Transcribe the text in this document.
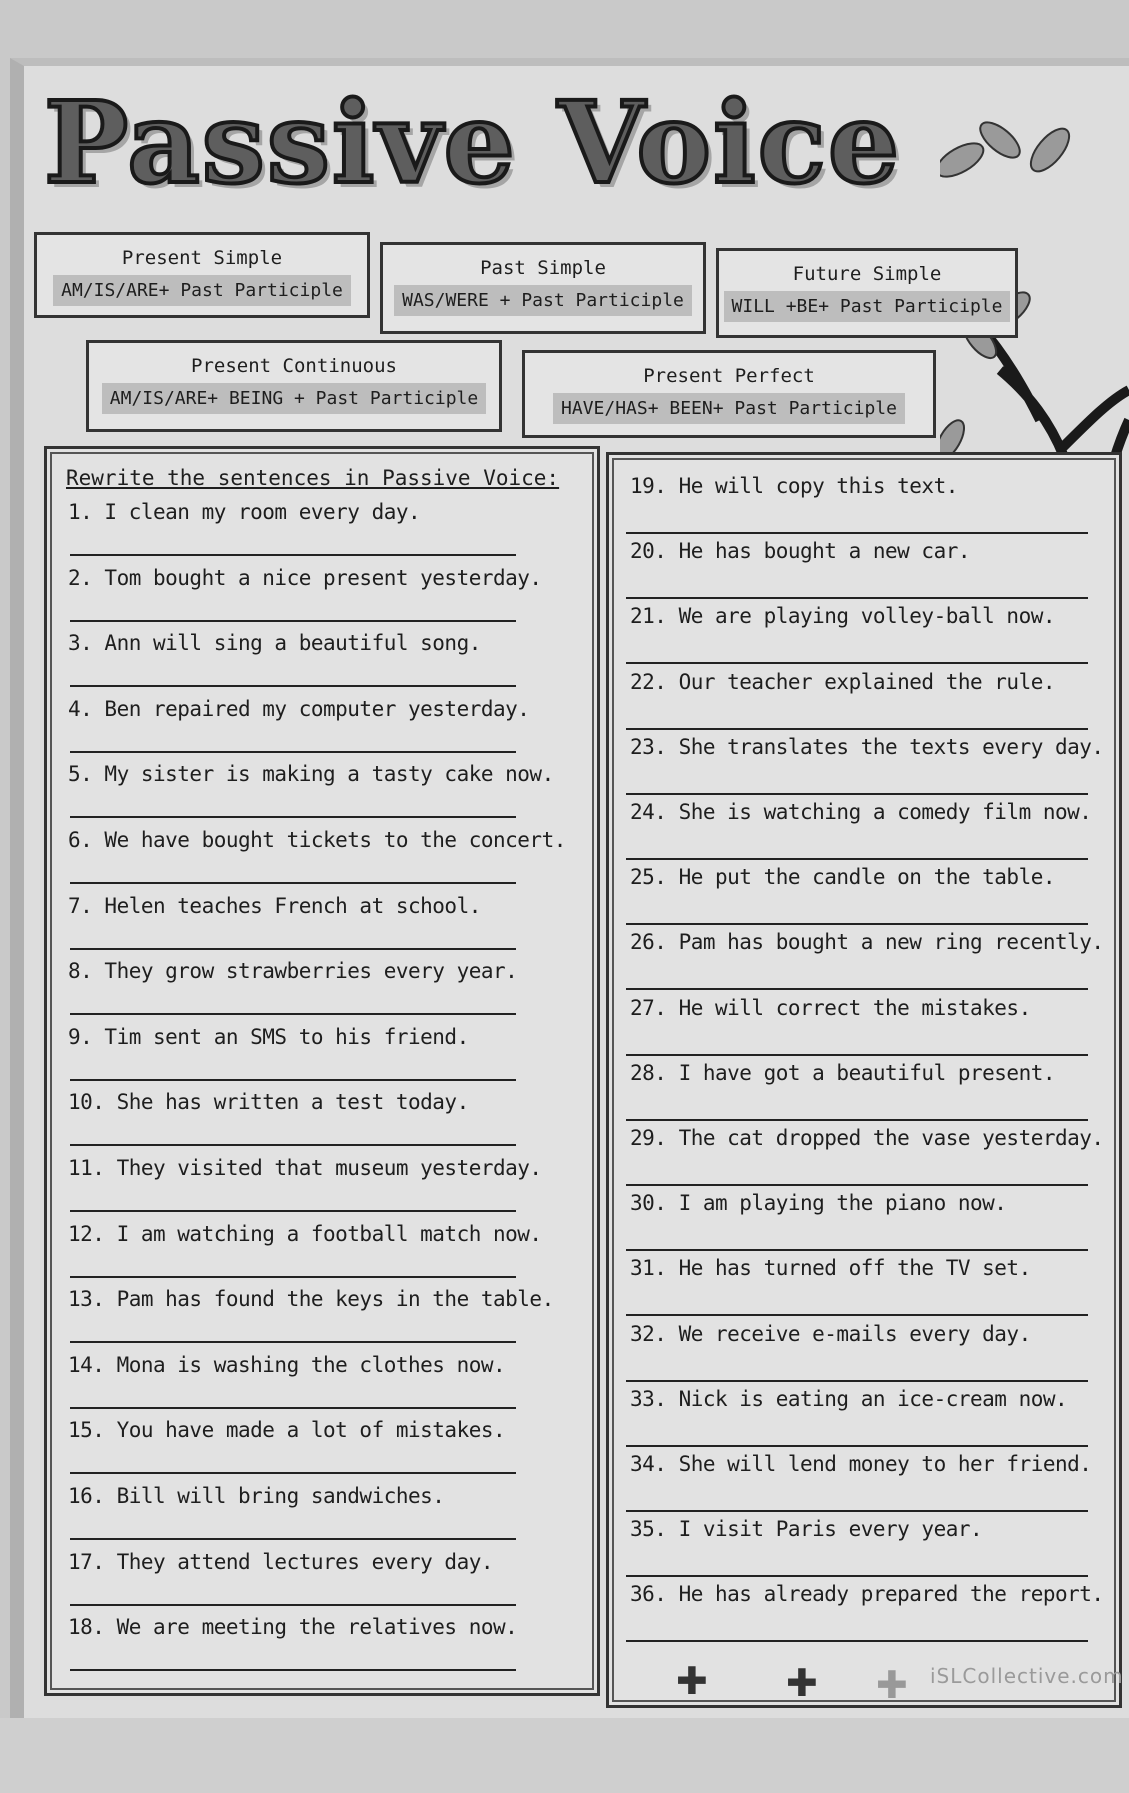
Passive Voice
Present Simple
AM/IS/ARE+ Past Participle
Past Simple
WAS/WERE + Past Participle
Future Simple
WILL +BE+ Past Participle
Present Continuous
AM/IS/ARE+ BEING + Past Participle
Present Perfect
HAVE/HAS+ BEEN+ Past Participle
Rewrite the sentences in Passive Voice:

1. I clean my room every day.

2. Tom bought a nice present yesterday.

3. Ann will sing a beautiful song.

4. Ben repaired my computer yesterday.

5. My sister is making a tasty cake now.

6. We have bought tickets to the concert.

7. Helen teaches French at school.

8. They grow strawberries every year.

9. Tim sent an SMS to his friend.

10. She has written a test today.

11. They visited that museum yesterday.

12. I am watching a football match now.

13. Pam has found the keys in the table.

14. Mona is washing the clothes now.

15. You have made a lot of mistakes.

16. Bill will bring sandwiches.

17. They attend lectures every day.

18. We are meeting the relatives now.

19. He will copy this text.

20. He has bought a new car.

21. We are playing volley-ball now.

22. Our teacher explained the rule.

23. She translates the texts every day.

24. She is watching a comedy film now.

25. He put the candle on the table.

26. Pam has bought a new ring recently.

27. He will correct the mistakes.

28. I have got a beautiful present.

29. The cat dropped the vase yesterday.

30. I am playing the piano now.

31. He has turned off the TV set.

32. We receive e-mails every day.

33. Nick is eating an ice-cream now.

34. She will lend money to her friend.

35. I visit Paris every year.

36. He has already prepared the report.

✚ ✚ ✚ iSLCollective.com
